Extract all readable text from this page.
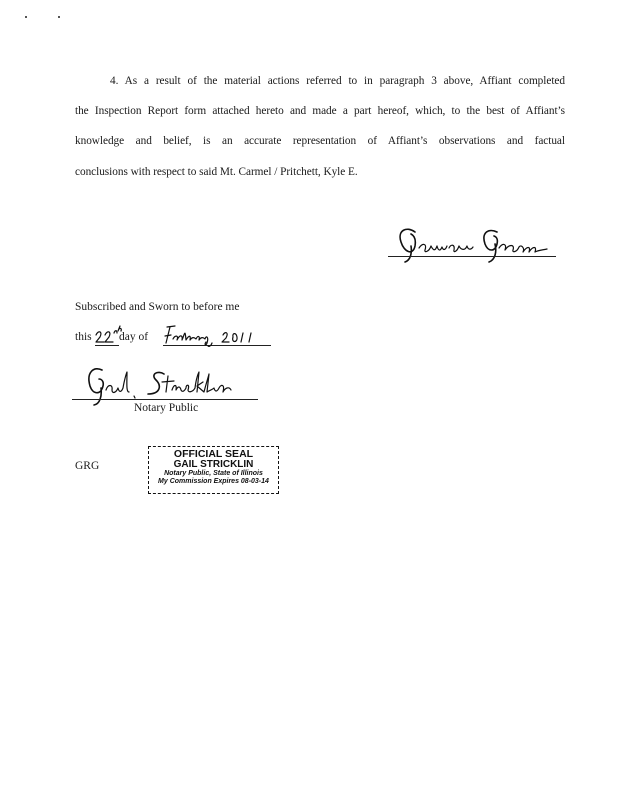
4. As a result of the material actions referred to in paragraph 3 above, Affiant completed

the Inspection Report form attached hereto and made a part hereof, which, to the best of Affiant’s

knowledge and belief, is an accurate representation of Affiant’s observations and factual

conclusions with respect to said Mt. Carmel / Pritchett, Kyle E.

Subscribed and Sworn to before me
this day of
Notary Public
GRG
OFFICIAL SEAL
GAIL STRICKLIN
Notary Public, State of Illinois
My Commission Expires 08-03-14
